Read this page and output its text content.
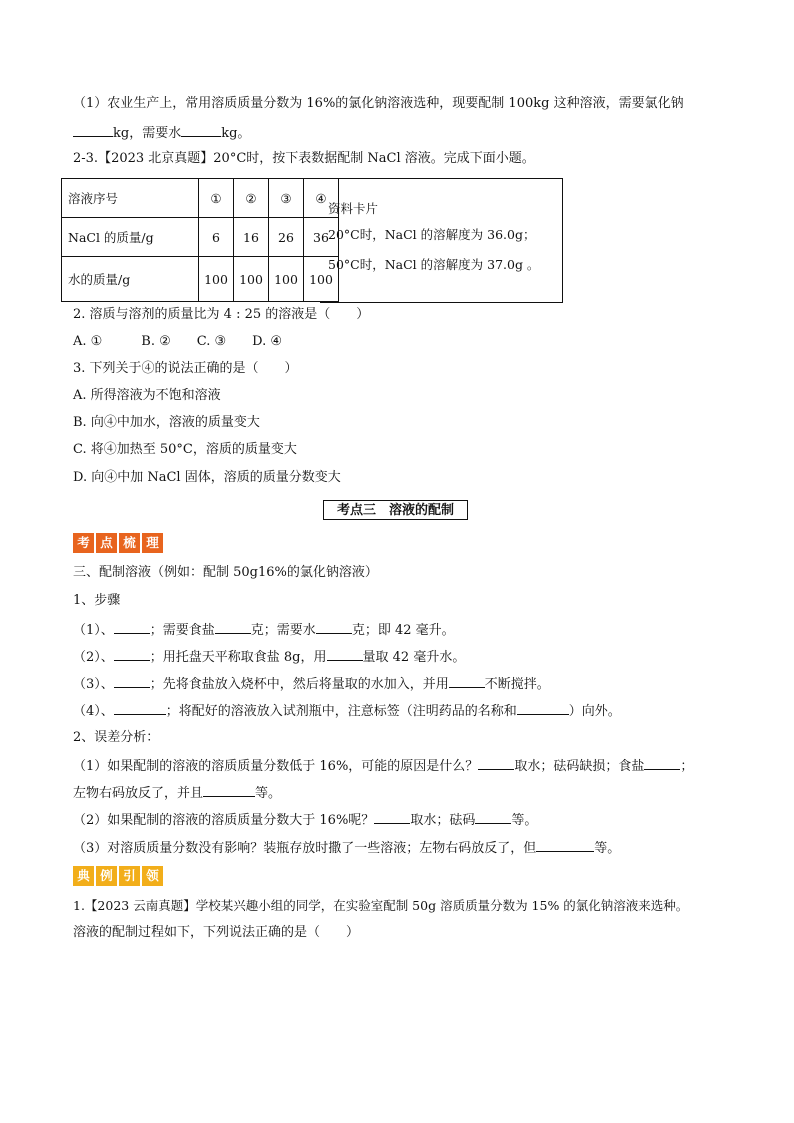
（1）农业生产上，常用溶质质量分数为 16%的氯化钠溶液选种，现要配制 100kg 这种溶液，需要氯化钠
kg，需要水	kg。
2-3.【2023 北京真题】20°C时，按下表数据配制 NaCl 溶液。完成下面小题。
溶液序号	①	②	③	④
NaCl 的质量/g	6	16	26	36
水的质量/g	100	100	100	100
资料卡片
20°C时，NaCl 的溶解度为 36.0g；
50°C时，NaCl 的溶解度为 37.0g 。
2. 溶质与溶剂的质量比为 4 : 25 的溶液是（　　）
A. ①　　　B. ②　　C. ③　　D. ④
3. 下列关于④的说法正确的是（　　）
A. 所得溶液为不饱和溶液
B. 向④中加水，溶液的质量变大
C. 将④加热至 50°C，溶质的质量变大
D. 向④中加 NaCl 固体，溶质的质量分数变大
考点三　溶液的配制
考 点 梳 理
三、配制溶液（例如：配制 50g16%的氯化钠溶液）
1、步骤
（1）、	；需要食盐	克；需要水	克；即 42 毫升。
（2）、	；用托盘天平称取食盐 8g，用	量取 42 毫升水。
（3）、	；先将食盐放入烧杯中，然后将量取的水加入，并用	不断搅拌。
（4）、	；将配好的溶液放入试剂瓶中，注意标签（注明药品的名称和	）向外。
2、误差分析：
（1）如果配制的溶液的溶质质量分数低于 16%，可能的原因是什么？	取水；砝码缺损；食盐	；
左物右码放反了，并且	等。
（2）如果配制的溶液的溶质质量分数大于 16%呢？	取水；砝码	等。
（3）对溶质质量分数没有影响？装瓶存放时撒了一些溶液；左物右码放反了，但	等。
典 例 引 领
1.【2023 云南真题】学校某兴趣小组的同学，在实验室配制 50g 溶质质量分数为 15% 的氯化钠溶液来选种。
溶液的配制过程如下，下列说法正确的是（　　）
